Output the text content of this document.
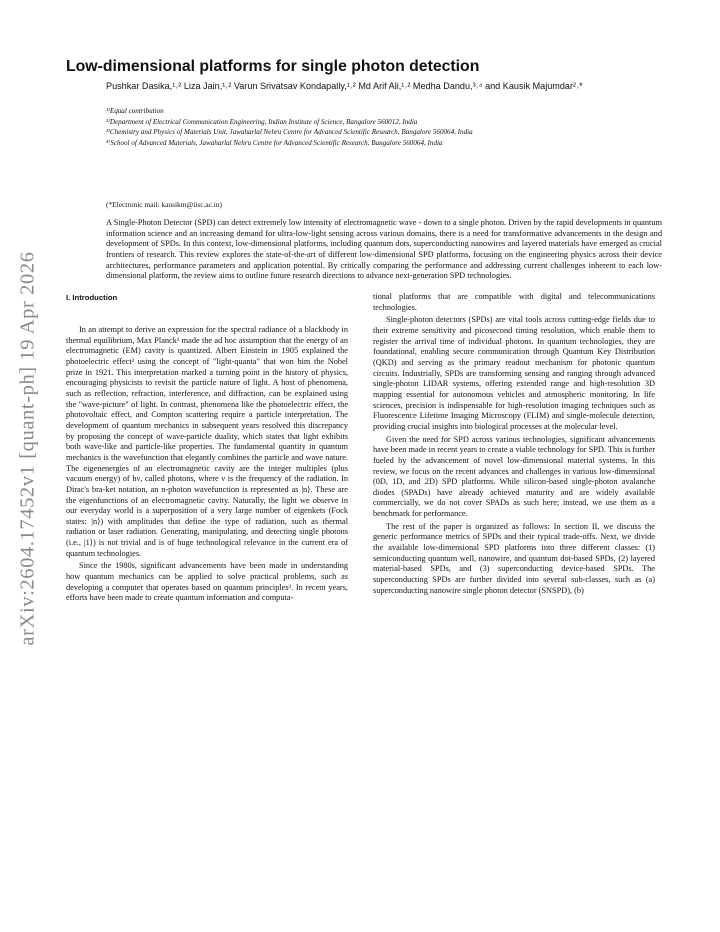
arXiv:2604.17452v1 [quant-ph] 19 Apr 2026
Low-dimensional platforms for single photon detection
Pushkar Dasika,¹˒² Liza Jain,¹˒² Varun Srivatsav Kondapally,¹˒² Md Arif Ali,¹˒² Medha Dandu,³˒⁴ and Kausik Majumdar²˒*
¹⁾Equal contribution
²⁾Department of Electrical Communication Engineering, Indian Institute of Science, Bangalore 560012, India
³⁾Chemistry and Physics of Materials Unit, Jawaharlal Nehru Centre for Advanced Scientific Research, Bangalore 560064, India
⁴⁾School of Advanced Materials, Jawaharlal Nehru Centre for Advanced Scientific Research, Bangalore 560064, India
(*Electronic mail: kausikm@iisc.ac.in)

A Single-Photon Detector (SPD) can detect extremely low intensity of electromagnetic wave - down to a single photon. Driven by the rapid developments in quantum information science and an increasing demand for ultra-low-light sensing across various domains, there is a need for transformative advancements in the design and development of SPDs. In this context, low-dimensional platforms, including quantum dots, superconducting nanowires and layered materials have emerged as crucial frontiers of research. This review explores the state-of-the-art of different low-dimensional SPD platforms, focusing on the engineering physics across their device architectures, performance parameters and application potential. By critically comparing the performance and addressing current challenges inherent to each low-dimensional platform, the review aims to outline future research directions to advance next-generation SPD technologies.

I. Introduction

In an attempt to derive an expression for the spectral radiance of a blackbody in thermal equilibrium, Max Planck¹ made the ad hoc assumption that the energy of an electromagnetic (EM) cavity is quantized. Albert Einstein in 1905 explained the photoelectric effect² using the concept of "light-quanta" that won him the Nobel prize in 1921. This interpretation marked a turning point in the history of physics, encouraging physicists to revisit the particle nature of light. A host of phenomena, such as reflection, refraction, interference, and diffraction, can be explained using the "wave-picture" of light. In contrast, phenomena like the photoelectric effect, the photovoltaic effect, and Compton scattering require a particle interpretation. The development of quantum mechanics in subsequent years resolved this discrepancy by proposing the concept of wave-particle duality, which states that light exhibits both wave-like and particle-like properties. The fundamental quantity in quantum mechanics is the wavefunction that elegantly combines the particle and wave nature. The eigenenergies of an electromagnetic cavity are the integer multiples (plus vacuum energy) of hν, called photons, where ν is the frequency of the radiation. In Dirac's bra-ket notation, an n-photon wavefunction is represented as |n⟩. These are the eigenfunctions of an electromagnetic cavity. Naturally, the light we observe in our everyday world is a superposition of a very large number of eigenkets (Fock states: |n⟩) with amplitudes that define the type of radiation, such as thermal radiation or laser radiation. Generating, manipulating, and detecting single photons (i.e., |1⟩) is not trivial and is of huge technological relevance in the current era of quantum technologies.

Since the 1980s, significant advancements have been made in understanding how quantum mechanics can be applied to solve practical problems, such as developing a computer that operates based on quantum principles³. In recent years, efforts have been made to create quantum information and computa-

tional platforms that are compatible with digital and telecommunications technologies.

Single-photon detectors (SPDs) are vital tools across cutting-edge fields due to their extreme sensitivity and picosecond timing resolution, which enable them to register the arrival time of individual photons. In quantum technologies, they are foundational, enabling secure communication through Quantum Key Distribution (QKD) and serving as the primary readout mechanism for photonic quantum circuits. Industrially, SPDs are transforming sensing and ranging through advanced single-photon LIDAR systems, offering extended range and high-resolution 3D mapping essential for autonomous vehicles and atmospheric monitoring. In life sciences, precision is indispensable for high-resolution imaging techniques such as Fluorescence Lifetime Imaging Microscopy (FLIM) and single-molecule detection, providing crucial insights into biological processes at the molecular level.

Given the need for SPD across various technologies, significant advancements have been made in recent years to create a viable technology for SPD. This is further fueled by the advancement of novel low-dimensional material systems. In this review, we focus on the recent advances and challenges in various low-dimensional (0D, 1D, and 2D) SPD platforms. While silicon-based single-photon avalanche diodes (SPADs) have already achieved maturity and are widely available commercially, we do not cover SPADs as such here; instead, we use them as a benchmark for performance.

The rest of the paper is organized as follows: In section II, we discuss the generic performance metrics of SPDs and their typical trade-offs. Next, we divide the available low-dimensional SPD platforms into three different classes: (1) semiconducting quantum well, nanowire, and quantum dot-based SPDs, (2) layered material-based SPDs, and (3) superconducting device-based SPDs. The superconducting SPDs are further divided into several sub-classes, such as (a) superconducting nanowire single photon detector (SNSPD), (b)
